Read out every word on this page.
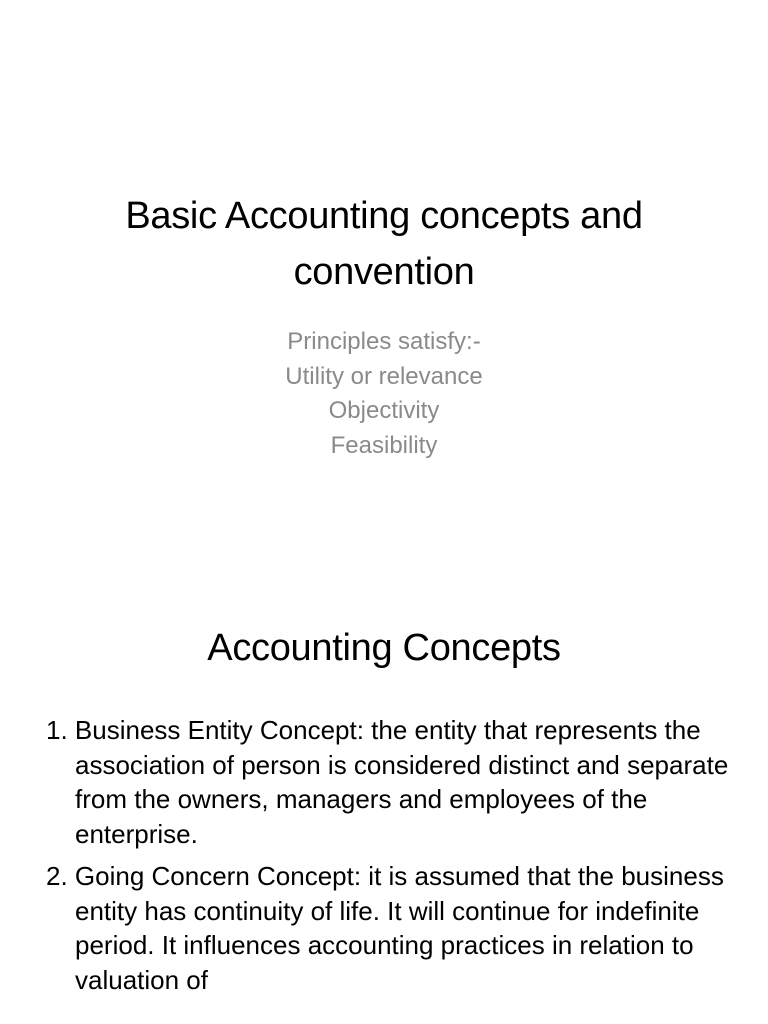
Basic Accounting concepts and convention
Principles satisfy:-
Utility or relevance
Objectivity
Feasibility
Accounting Concepts
1. Business Entity Concept: the entity that represents the association of person is considered distinct and separate from the owners, managers and employees of the enterprise.
2. Going Concern Concept: it is assumed that the business entity has continuity of life. It will continue for indefinite period. It influences accounting practices in relation to valuation of
